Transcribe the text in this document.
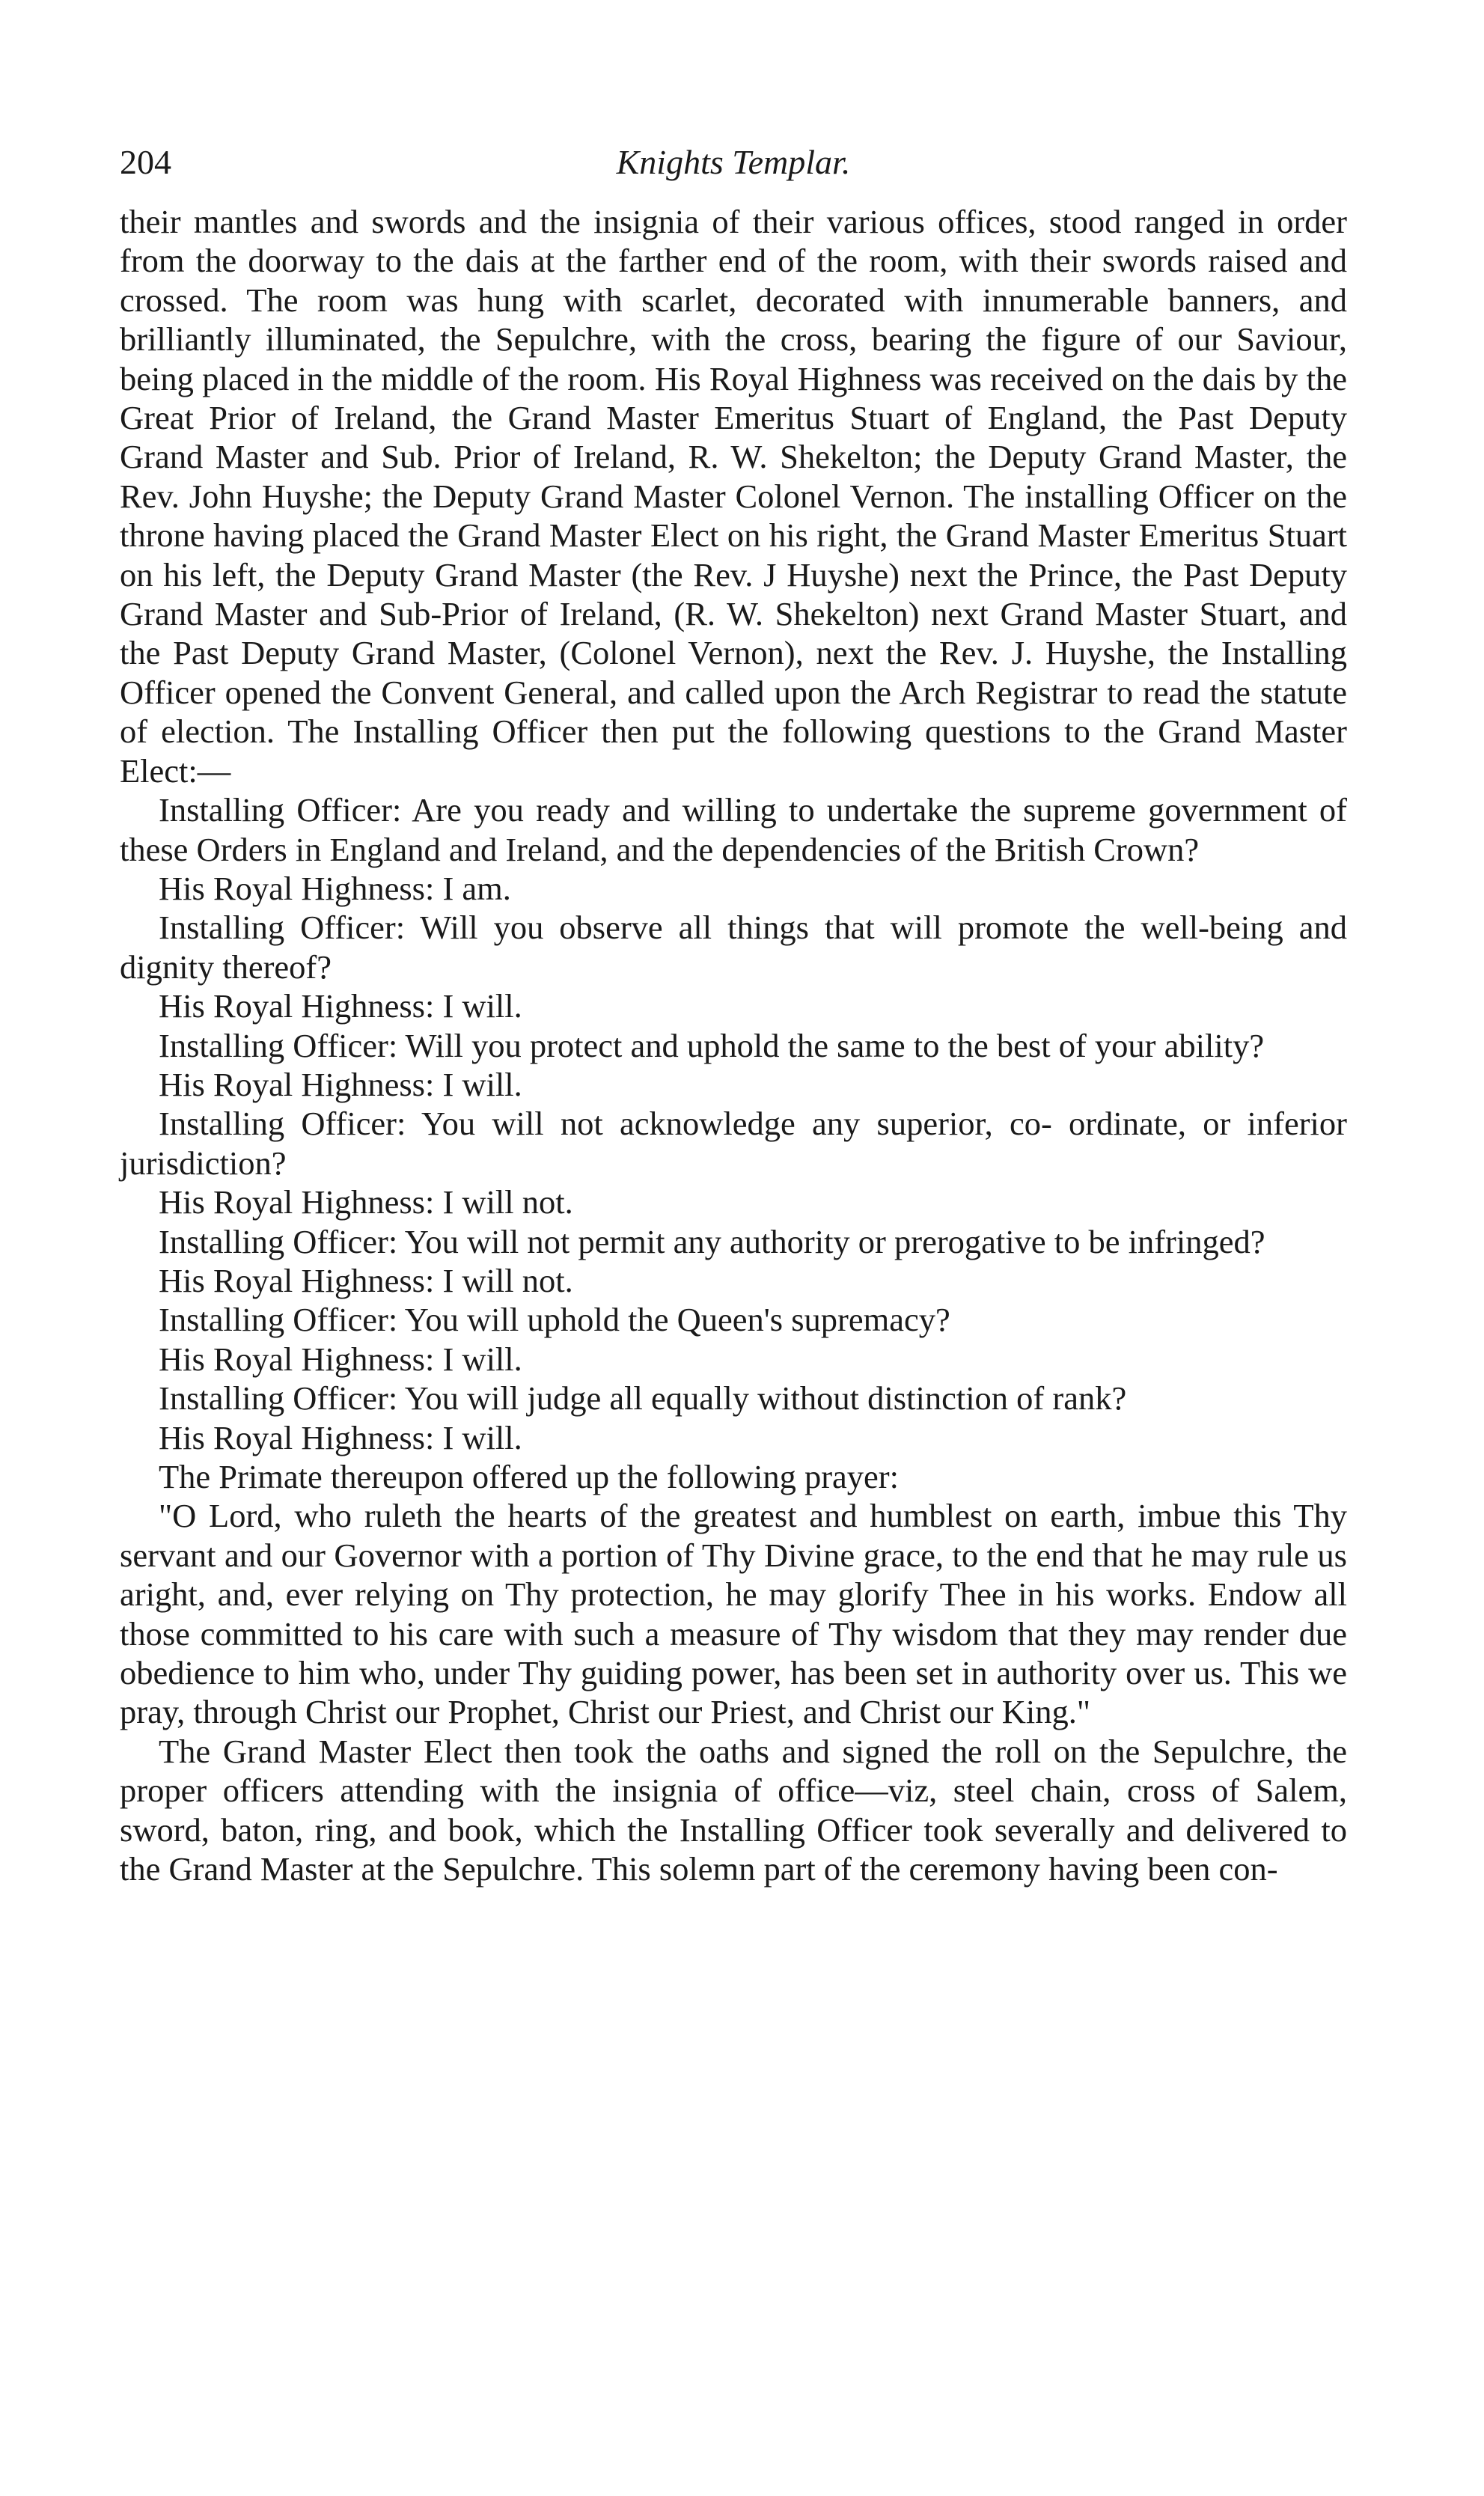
204	Knights Templar.

their mantles and swords and the insignia of their various offices, stood ranged in order from the doorway to the dais at the farther end of the room, with their swords raised and crossed. The room was hung with scarlet, decorated with innumerable banners, and brilliantly illuminated, the Sepulchre, with the cross, bearing the figure of our Saviour, being placed in the middle of the room. His Royal Highness was received on the dais by the Great Prior of Ireland, the Grand Master Emeritus Stuart of England, the Past Deputy Grand Master and Sub. Prior of Ireland, R. W. Shekelton; the Deputy Grand Master, the Rev. John Huyshe; the Deputy Grand Master Colonel Vernon. The installing Officer on the throne having placed the Grand Master Elect on his right, the Grand Master Emeritus Stuart on his left, the Deputy Grand Master (the Rev. J Huyshe) next the Prince, the Past Deputy Grand Master and Sub-Prior of Ireland, (R. W. Shekelton) next Grand Master Stuart, and the Past Deputy Grand Master, (Colonel Vernon), next the Rev. J. Huyshe, the Installing Officer opened the Convent General, and called upon the Arch Registrar to read the statute of election. The Installing Officer then put the following questions to the Grand Master Elect:—

Installing Officer: Are you ready and willing to undertake the supreme government of these Orders in England and Ireland, and the dependencies of the British Crown?

His Royal Highness: I am.

Installing Officer: Will you observe all things that will promote the well-being and dignity thereof?

His Royal Highness: I will.

Installing Officer: Will you protect and uphold the same to the best of your ability?

His Royal Highness: I will.

Installing Officer: You will not acknowledge any superior, co- ordinate, or inferior jurisdiction?

His Royal Highness: I will not.

Installing Officer: You will not permit any authority or prerogative to be infringed?

His Royal Highness: I will not.

Installing Officer: You will uphold the Queen's supremacy?

His Royal Highness: I will.

Installing Officer: You will judge all equally without distinction of rank?

His Royal Highness: I will.

The Primate thereupon offered up the following prayer:

"O Lord, who ruleth the hearts of the greatest and humblest on earth, imbue this Thy servant and our Governor with a portion of Thy Divine grace, to the end that he may rule us aright, and, ever relying on Thy protection, he may glorify Thee in his works. Endow all those committed to his care with such a measure of Thy wisdom that they may render due obedience to him who, under Thy guiding power, has been set in authority over us. This we pray, through Christ our Prophet, Christ our Priest, and Christ our King."

The Grand Master Elect then took the oaths and signed the roll on the Sepulchre, the proper officers attending with the insignia of office—viz, steel chain, cross of Salem, sword, baton, ring, and book, which the Installing Officer took severally and delivered to the Grand Master at the Sepulchre. This solemn part of the ceremony having been con-
